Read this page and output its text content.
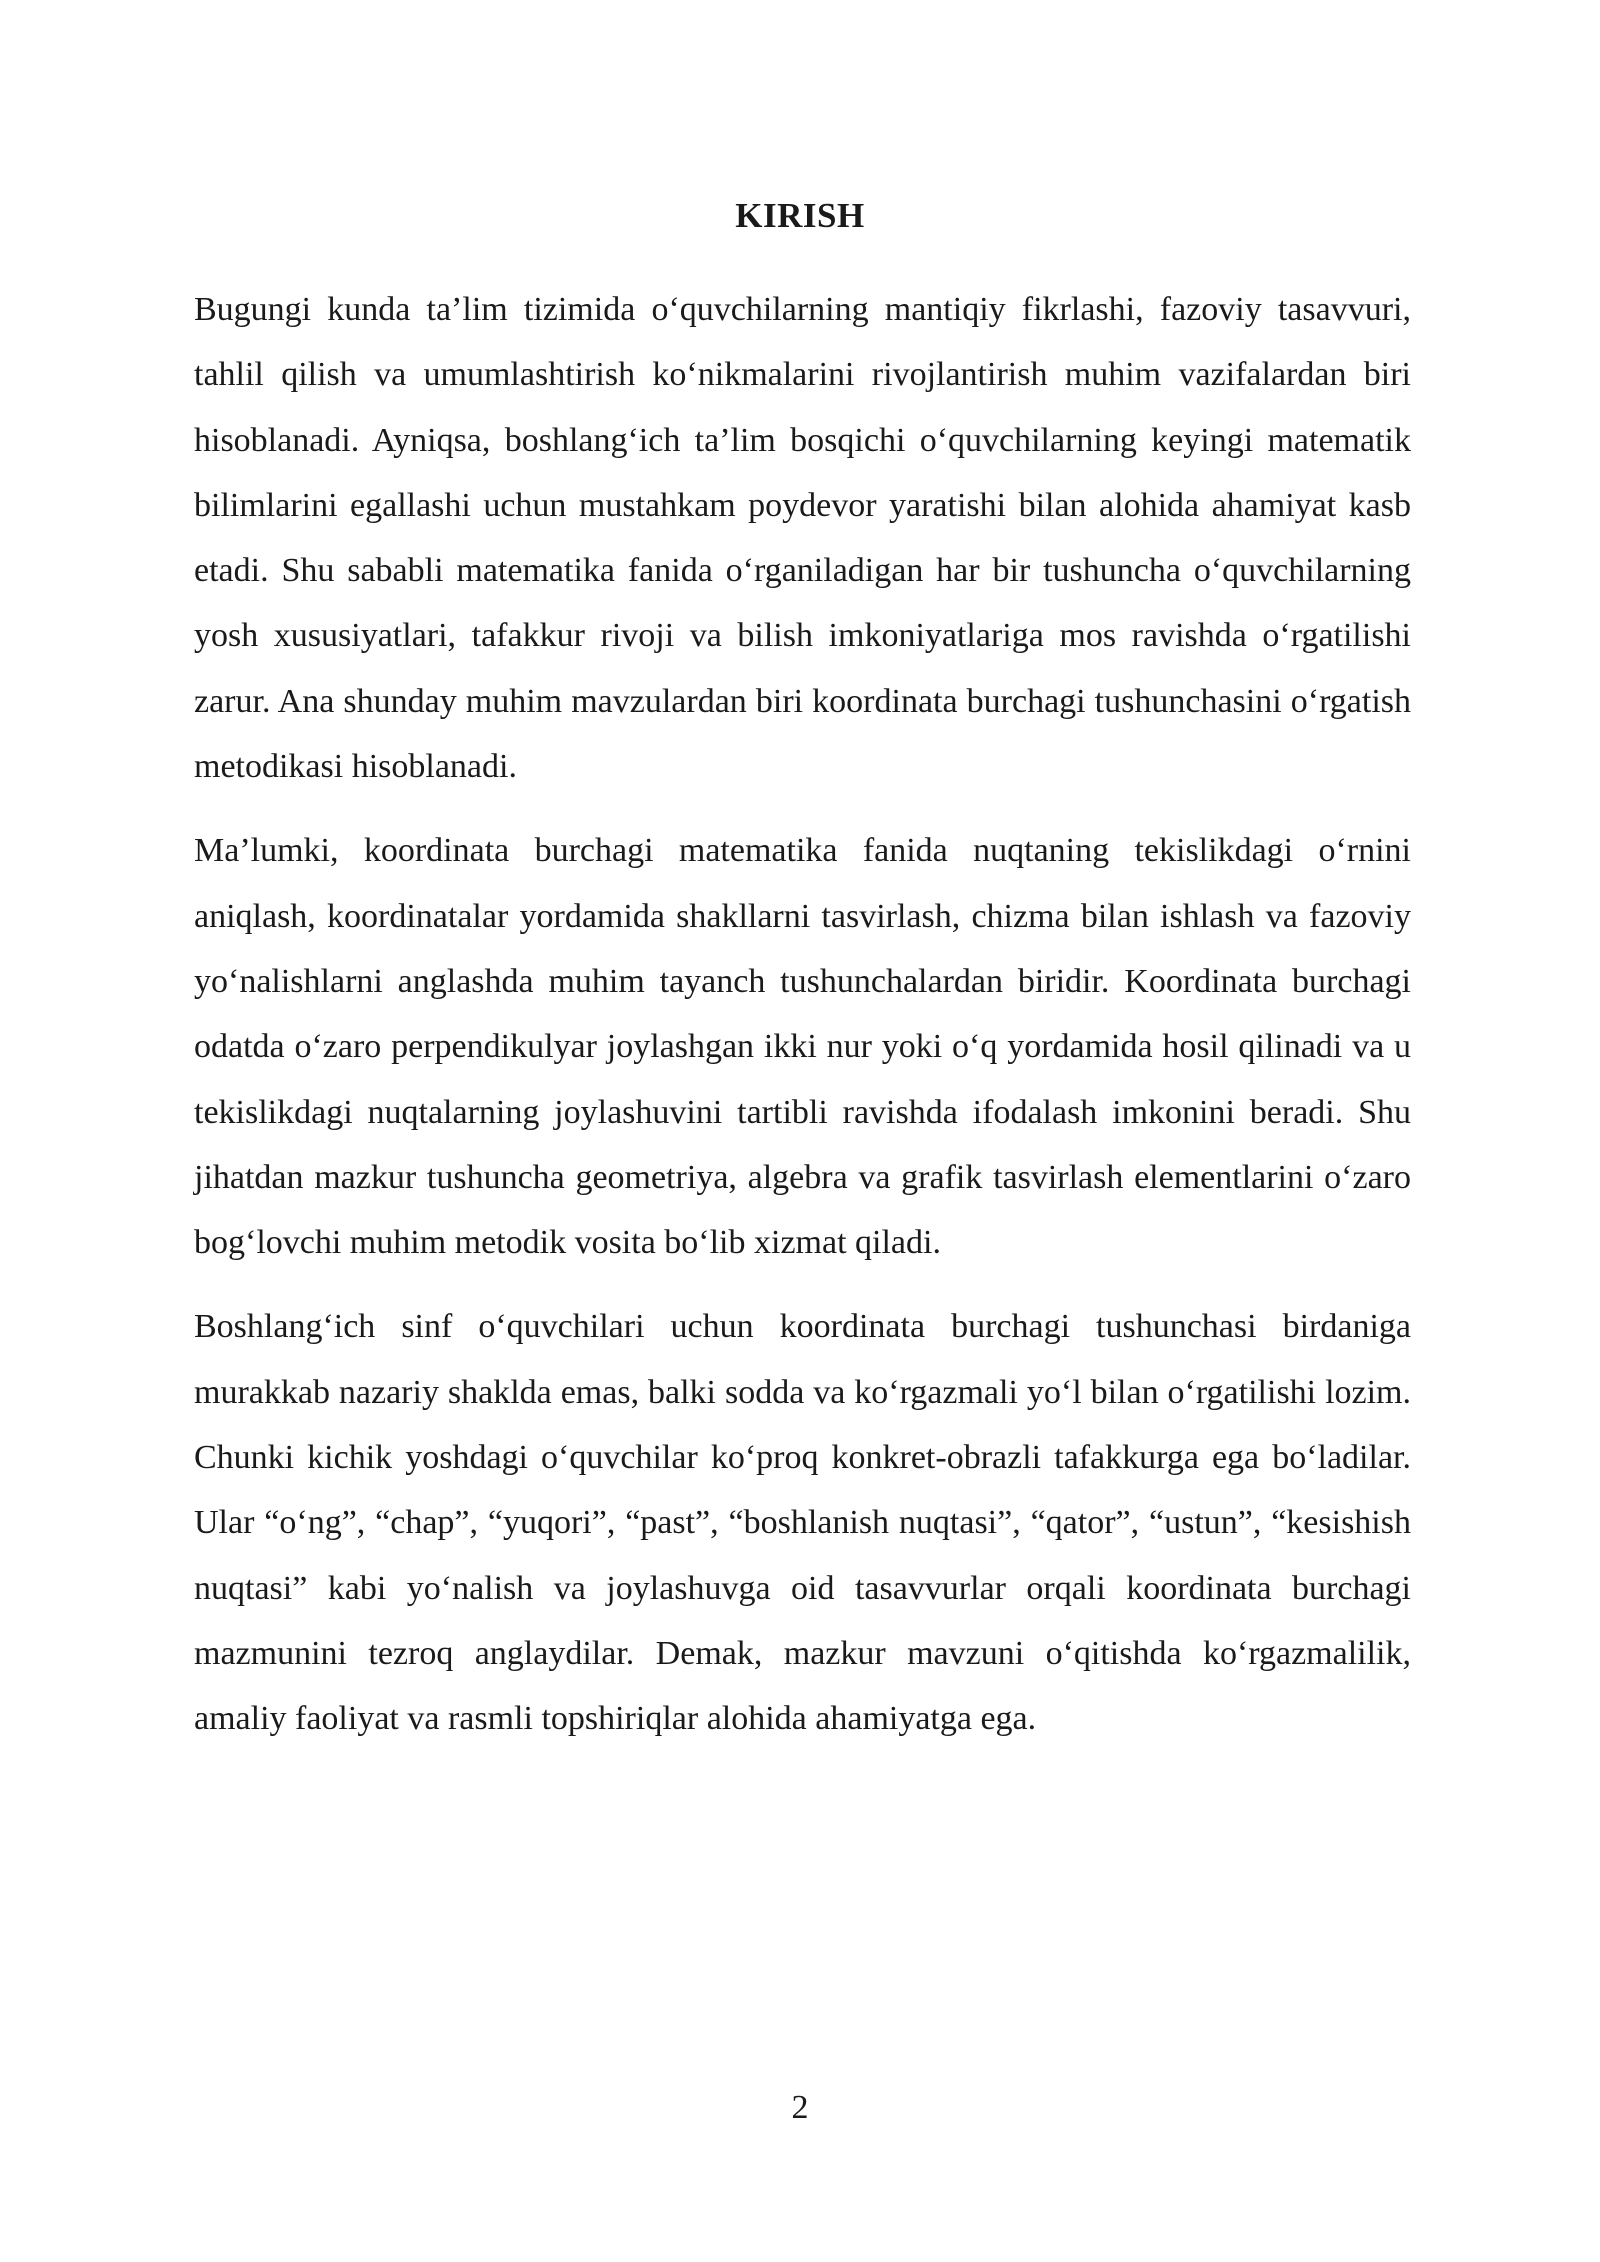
KIRISH

Bugungi kunda ta’lim tizimida o‘quvchilarning mantiqiy fikrlashi, fazoviy tasavvuri, tahlil qilish va umumlashtirish ko‘nikmalarini rivojlantirish muhim vazifalardan biri hisoblanadi. Ayniqsa, boshlang‘ich ta’lim bosqichi o‘quvchilarning keyingi matematik bilimlarini egallashi uchun mustahkam poydevor yaratishi bilan alohida ahamiyat kasb etadi. Shu sababli matematika fanida o‘rganiladigan har bir tushuncha o‘quvchilarning yosh xususiyatlari, tafakkur rivoji va bilish imkoniyatlariga mos ravishda o‘rgatilishi zarur. Ana shunday muhim mavzulardan biri koordinata burchagi tushunchasini o‘rgatish metodikasi hisoblanadi.

Ma’lumki, koordinata burchagi matematika fanida nuqtaning tekislikdagi o‘rnini aniqlash, koordinatalar yordamida shakllarni tasvirlash, chizma bilan ishlash va fazoviy yo‘nalishlarni anglashda muhim tayanch tushunchalardan biridir. Koordinata burchagi odatda o‘zaro perpendikulyar joylashgan ikki nur yoki o‘q yordamida hosil qilinadi va u tekislikdagi nuqtalarning joylashuvini tartibli ravishda ifodalash imkonini beradi. Shu jihatdan mazkur tushuncha geometriya, algebra va grafik tasvirlash elementlarini o‘zaro bog‘lovchi muhim metodik vosita bo‘lib xizmat qiladi.

Boshlang‘ich sinf o‘quvchilari uchun koordinata burchagi tushunchasi birdaniga murakkab nazariy shaklda emas, balki sodda va ko‘rgazmali yo‘l bilan o‘rgatilishi lozim. Chunki kichik yoshdagi o‘quvchilar ko‘proq konkret-obrazli tafakkurga ega bo‘ladilar. Ular “o‘ng”, “chap”, “yuqori”, “past”, “boshlanish nuqtasi”, “qator”, “ustun”, “kesishish nuqtasi” kabi yo‘nalish va joylashuvga oid tasavvurlar orqali koordinata burchagi mazmunini tezroq anglaydilar. Demak, mazkur mavzuni o‘qitishda ko‘rgazmalilik, amaliy faoliyat va rasmli topshiriqlar alohida ahamiyatga ega.

2
